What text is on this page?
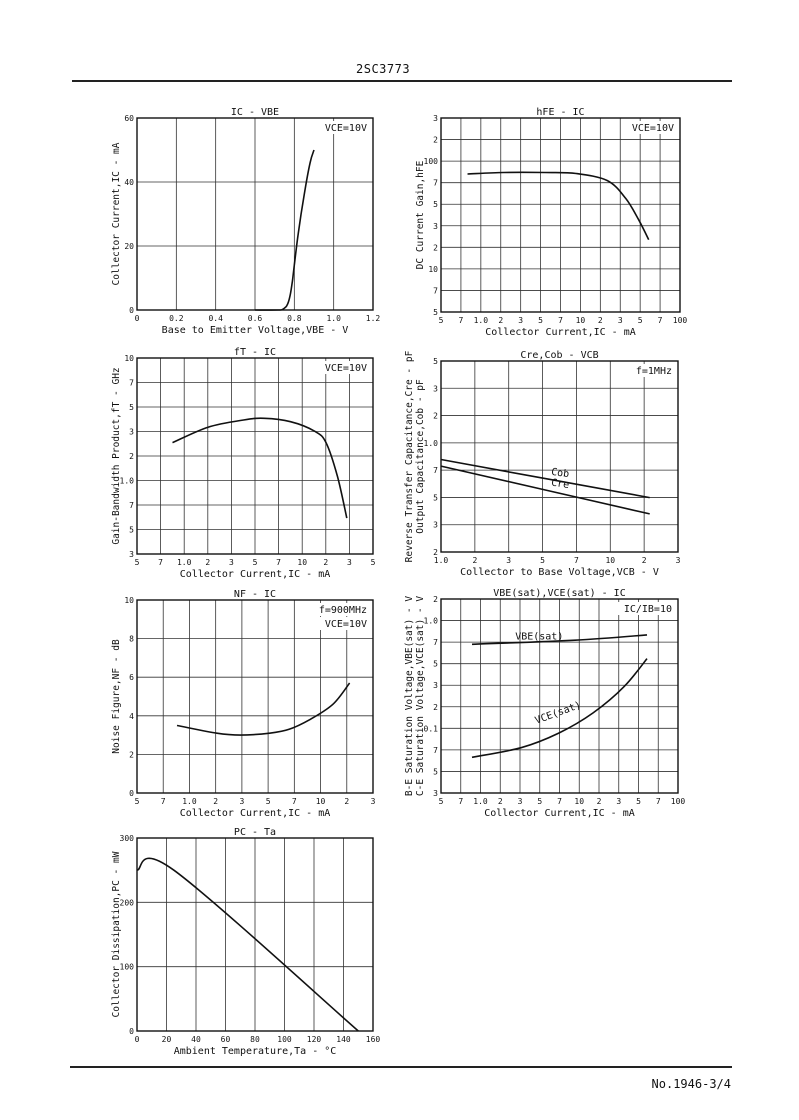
2SC3773
0	0.2	0.4	0.6	0.8	1.0	1.2
0
20
40
60
IC - VBE
VCE=10V
Base to Emitter Voltage,VBE - V
Collector Current,IC - mA
5 7 1.0 2 3 5 7 10 2 3 5 7 100
5
7
10
2
3
5
7
100
2
3
hFE - IC
VCE=10V
Collector Current,IC - mA
DC Current Gain,hFE
5 7 1.0 2 3 5 7 10 2 3 5
3
5
7
1.0
2
3
5
7
10
fT - IC
VCE=10V
Collector Current,IC - mA
Gain-Bandwidth Product,fT - GHz
1.0	2	3	5	7	10	2	3
2
3
5
7
1.0
2
3
5
Cre,Cob - VCB
f=1MHz
Collector to Base Voltage,VCB - V
Reverse Transfer Capacitance,Cre - pF Output Capacitance,Cob - pF	Cob
Cre
5	7 1.0 2	3	5	7 10 2	3
0
2
4
6
8
10
NF - IC
f=900MHz
VCE=10V
Collector Current,IC - mA
Noise Figure,NF - dB
5 7 1.0 2 3 5 7 10 2 3 5 7 100
3
5
7
0.1
2
3
5
7
1.0
2
VBE(sat),VCE(sat) - IC
IC/IB=10
Collector Current,IC - mA
B-E Saturation Voltage,VBE(sat) - V C-E Saturation Voltage,VCE(sat) - V	VBE(sat)
VCE(sat)
0	20 40 60 80 100 120 140 160
0
100
200
300
PC - Ta
Ambient Temperature,Ta - °C
Collector Dissipation,PC - mW
No.1946-3/4
